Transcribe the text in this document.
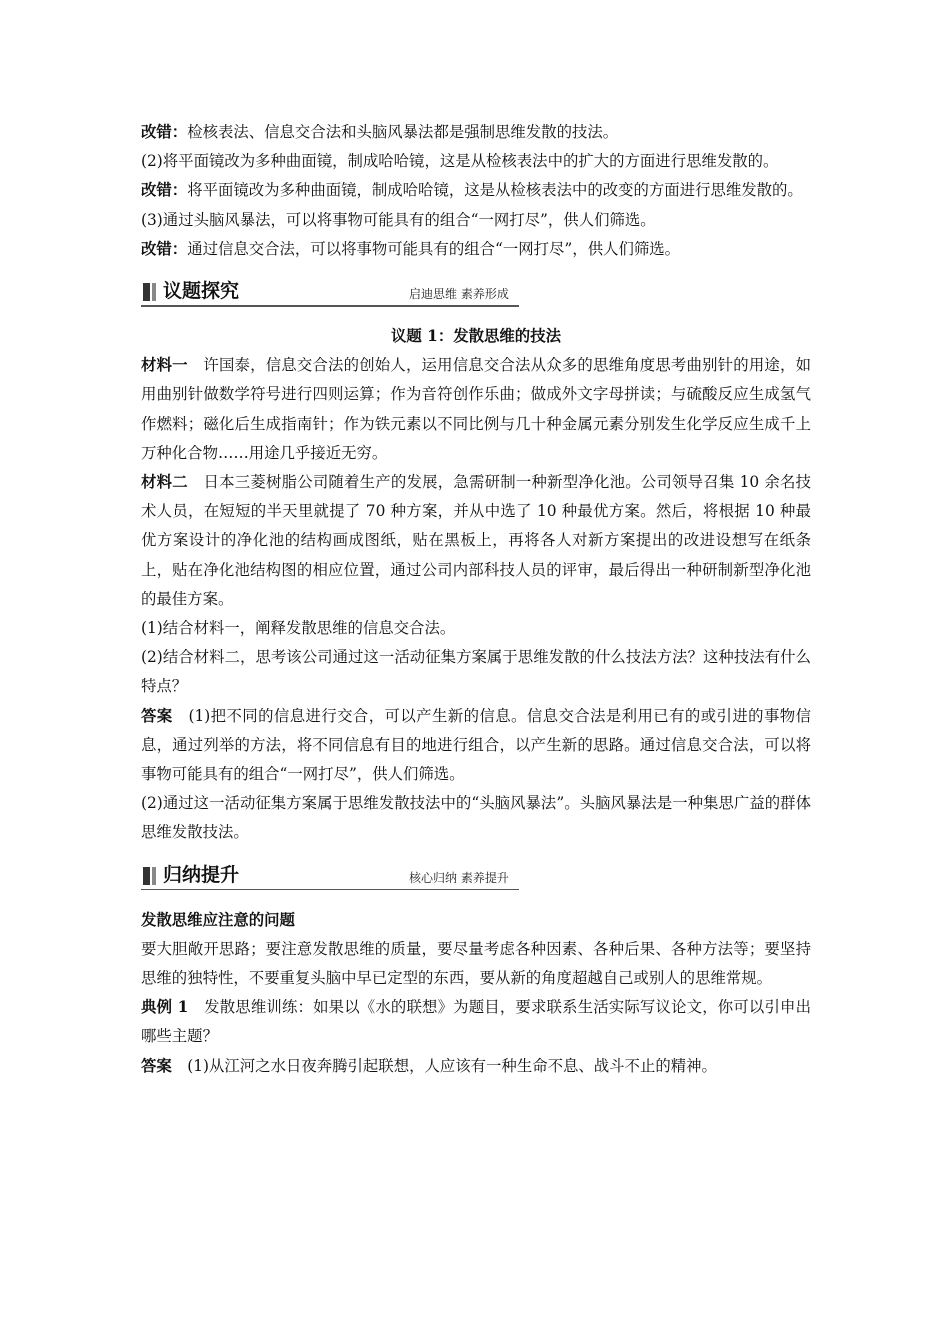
改错：检核表法、信息交合法和头脑风暴法都是强制思维发散的技法。

(2)将平面镜改为多种曲面镜，制成哈哈镜，这是从检核表法中的扩大的方面进行思维发散的。

改错：将平面镜改为多种曲面镜，制成哈哈镜，这是从检核表法中的改变的方面进行思维发散的。

(3)通过头脑风暴法，可以将事物可能具有的组合“一网打尽”，供人们筛选。

改错：通过信息交合法，可以将事物可能具有的组合“一网打尽”，供人们筛选。

议题探究	启迪思维 素养形成

议题 1：发散思维的技法

材料一　 许国泰，信息交合法的创始人，运用信息交合法从众多的思维角度思考曲别针的用途，如用曲别针做数学符号进行四则运算；作为音符创作乐曲；做成外文字母拼读；与硫酸反应生成氢气作燃料；磁化后生成指南针；作为铁元素以不同比例与几十种金属元素分别发生化学反应生成千上万种化合物……用途几乎接近无穷。

材料二　 日本三菱树脂公司随着生产的发展，急需研制一种新型净化池。公司领导召集 10 余名技术人员，在短短的半天里就提了 70 种方案，并从中选了 10 种最优方案。然后，将根据 10 种最优方案设计的净化池的结构画成图纸，贴在黑板上，再将各人对新方案提出的改进设想写在纸条上，贴在净化池结构图的相应位置，通过公司内部科技人员的评审，最后得出一种研制新型净化池的最佳方案。

(1)结合材料一，阐释发散思维的信息交合法。

(2)结合材料二，思考该公司通过这一活动征集方案属于思维发散的什么技法方法？这种技法有什么特点？

答案　 (1)把不同的信息进行交合，可以产生新的信息。信息交合法是利用已有的或引进的事物信息，通过列举的方法，将不同信息有目的地进行组合，以产生新的思路。通过信息交合法，可以将事物可能具有的组合“一网打尽”，供人们筛选。

(2)通过这一活动征集方案属于思维发散技法中的“头脑风暴法”。头脑风暴法是一种集思广益的群体思维发散技法。

归纳提升	核心归纳 素养提升

发散思维应注意的问题

要大胆敞开思路；要注意发散思维的质量，要尽量考虑各种因素、各种后果、各种方法等；要坚持思维的独特性，不要重复头脑中早已定型的东西，要从新的角度超越自己或别人的思维常规。

典例 1　 发散思维训练：如果以《水的联想》为题目，要求联系生活实际写议论文，你可以引申出哪些主题？

答案　 (1)从江河之水日夜奔腾引起联想，人应该有一种生命不息、战斗不止的精神。
